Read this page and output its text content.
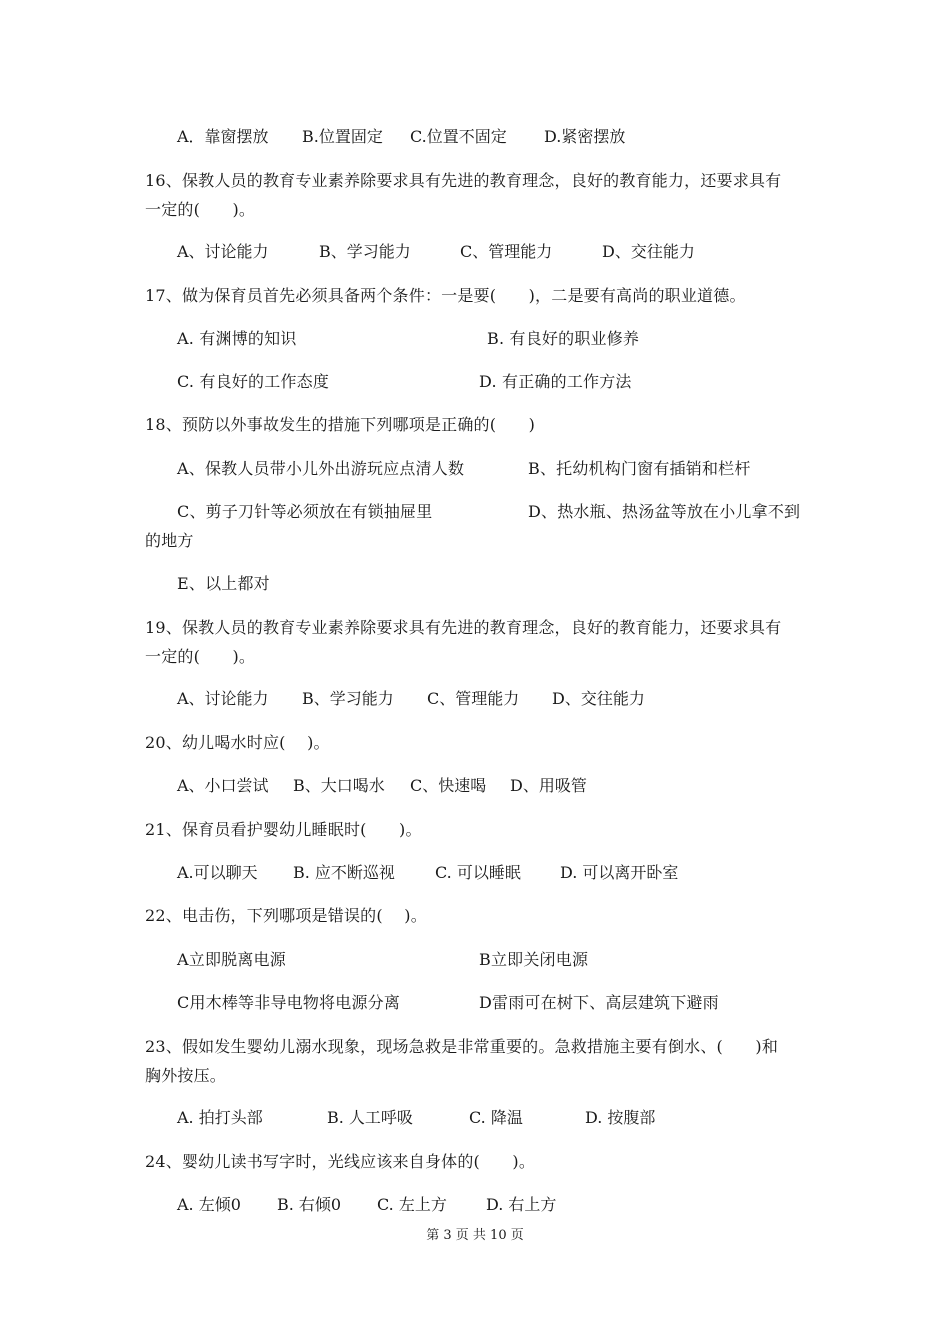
A．靠窗摆放 B.位置固定 C.位置不固定 D.紧密摆放
16、保教人员的教育专业素养除要求具有先进的教育理念，良好的教育能力，还要求具有
一定的(　　)。
A、讨论能力	B、学习能力	C、管理能力	D、交往能力
17、做为保育员首先必须具备两个条件：一是要(　　)，二是要有高尚的职业道德。
A. 有渊博的知识	B. 有良好的职业修养
C. 有良好的工作态度	D. 有正确的工作方法
18、预防以外事故发生的措施下列哪项是正确的(　　)
A、保教人员带小儿外出游玩应点清人数	B、托幼机构门窗有插销和栏杆
C、剪子刀针等必须放在有锁抽屉里	D、热水瓶、热汤盆等放在小儿拿不到
的地方
E、以上都对
19、保教人员的教育专业素养除要求具有先进的教育理念，良好的教育能力，还要求具有
一定的(　　)。
A、讨论能力 B、学习能力 C、管理能力 D、交往能力
20、幼儿喝水时应(　 )。
A、小口尝试 B、大口喝水 C、快速喝 D、用吸管
21、保育员看护婴幼儿睡眠时(　　)。
A.可以聊天 B. 应不断巡视	C. 可以睡眠 D. 可以离开卧室
22、电击伤，下列哪项是错误的(　 )。
A立即脱离电源	B立即关闭电源
C用木棒等非导电物将电源分离	D雷雨可在树下、高层建筑下避雨
23、假如发生婴幼儿溺水现象，现场急救是非常重要的。急救措施主要有倒水、(　　)和
胸外按压。
A. 拍打头部	B. 人工呼吸	C. 降温	D. 按腹部
24、婴幼儿读书写字时，光线应该来自身体的(　　)。
A. 左倾0 B. 右倾0 C. 左上方 D. 右上方
第 3 页 共 10 页
